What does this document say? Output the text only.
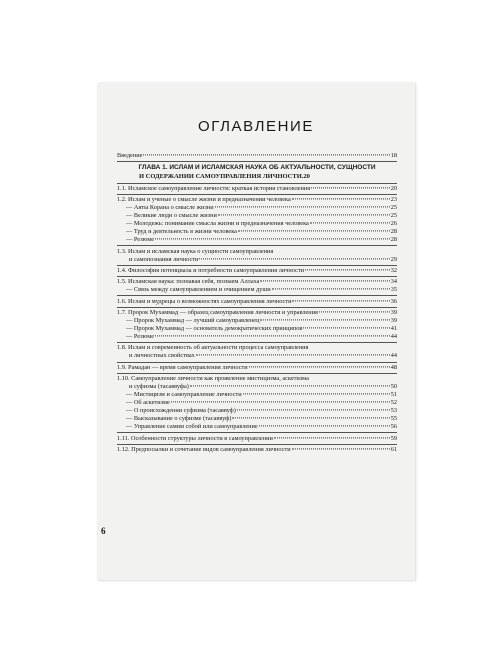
ОГЛАВЛЕНИЕ
Введение	18
ГЛАВА 1. ИСЛАМ И ИСЛАМСКАЯ НАУКА ОБ АКТУАЛЬНОСТИ, СУЩНОСТИ
И СОДЕРЖАНИИ САМОУПРАВЛЕНИЯ ЛИЧНОСТИ. 20
1.1. Исламское самоуправление личности: краткая история становления	20
1.2. Ислам и ученые о смысле жизни и предназначении человека	23
— Аяты Корана о смысле жизни	25
— Великие люди о смысле жизни	25
— Молодежь: понимание смысла жизни и предназначения человека	26
— Труд и деятельность в жизни человека	28
— Резюме	28
1.3. Ислам и исламская наука о сущности самоуправления
и самопознания личности	29
1.4. Философия потенциала и потребности самоуправления личности	32
1.5. Исламская наука: познавая себя, познаем Аллаха	34
— Связь между самоуправлением и очищением души	35
1.6. Ислам и мудрецы о возможностях самоуправления личности	36
1.7. Пророк Мухаммад — образец самоуправления личности и управления	39
— Пророк Мухаммад — лучший самоуправленец	39
— Пророк Мухаммад — основатель демократических принципов	41
— Резюме	44
1.8. Ислам и современность об актуальности процесса самоуправления
и личностных свойствах	44
1.9. Рамадан — время самоуправления личности	48
1.10. Самоуправление личности как проявление мистицизма, аскетизма
и суфизма (тасаввуфа)	50
— Мистицизм и самоуправление личности	51
— Об аскетизме	52
— О происхождении суфизма (тасаввуф)	53
— Высказывание о суфизме (тасаввуф)	55
— Управление самим собой или самоуправление	56
1.11. Особенности структуры личности в самоуправлении	59
1.12. Предпосылки и сочетание видов самоуправления личности	61
6
